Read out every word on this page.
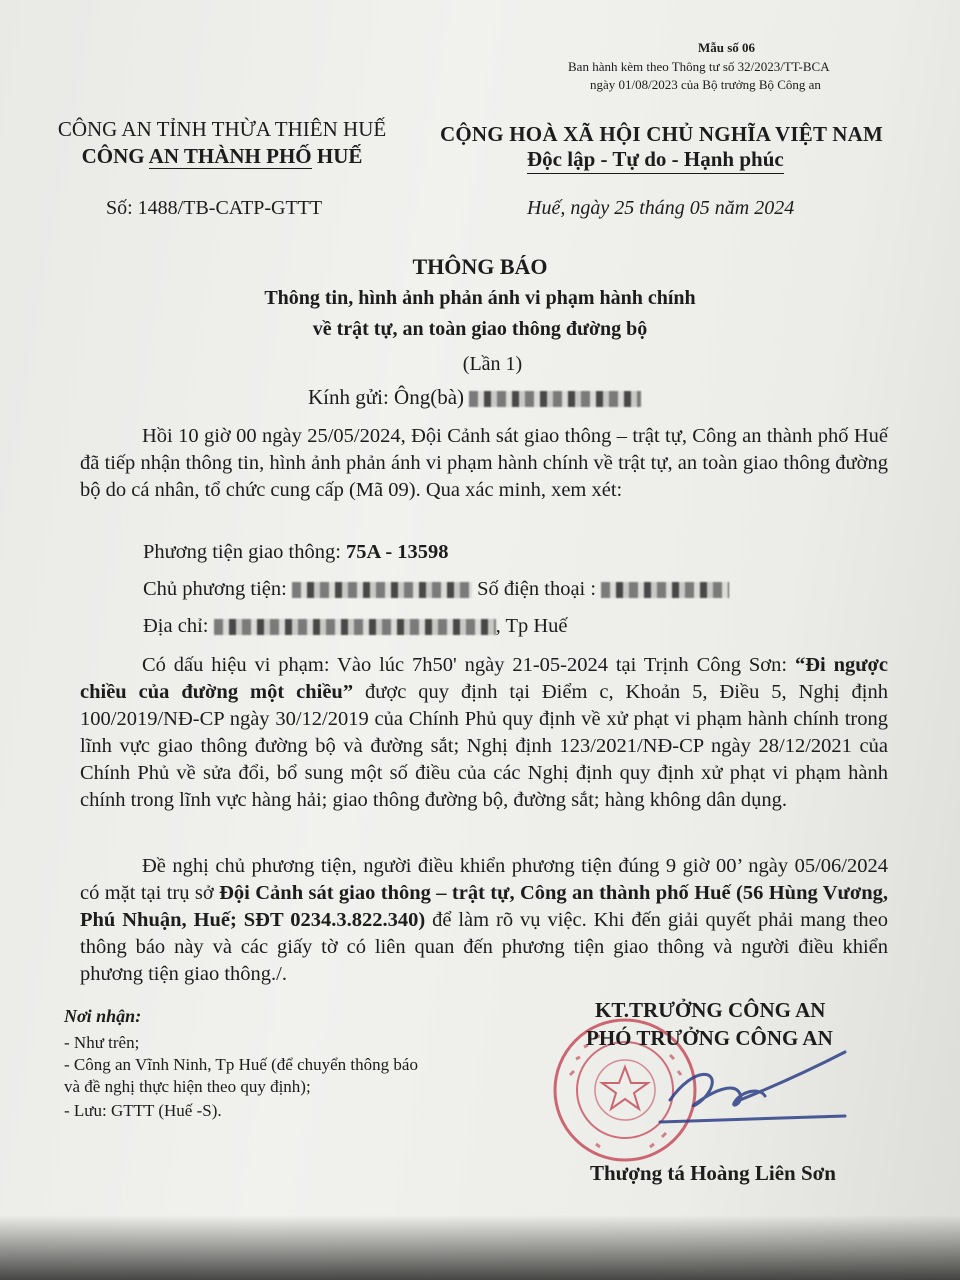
Mẫu số 06
Ban hành kèm theo Thông tư số 32/2023/TT-BCA
ngày 01/08/2023 của Bộ trưởng Bộ Công an
CÔNG AN TỈNH THỪA THIÊN HUẾ
CÔNG AN THÀNH PHỐ HUẾ
CỘNG HOÀ XÃ HỘI CHỦ NGHĨA VIỆT NAM
Độc lập - Tự do - Hạnh phúc
Số: 1488/TB-CATP-GTTT	Huế, ngày 25 tháng 05 năm 2024
THÔNG BÁO
Thông tin, hình ảnh phản ánh vi phạm hành chính
về trật tự, an toàn giao thông đường bộ
(Lần 1)
Kính gửi: Ông(bà)

Hồi 10 giờ 00 ngày 25/05/2024, Đội Cảnh sát giao thông – trật tự, Công an thành phố Huế đã tiếp nhận thông tin, hình ảnh phản ánh vi phạm hành chính về trật tự, an toàn giao thông đường bộ do cá nhân, tổ chức cung cấp (Mã 09). Qua xác minh, xem xét:

Phương tiện giao thông: 75A - 13598
Chủ phương tiện:	Số điện thoại :
Địa chỉ:	, Tp Huế

Có dấu hiệu vi phạm: Vào lúc 7h50' ngày 21-05-2024 tại Trịnh Công Sơn: “Đi ngược chiều của đường một chiều” được quy định tại Điểm c, Khoản 5, Điều 5, Nghị định 100/2019/NĐ-CP ngày 30/12/2019 của Chính Phủ quy định về xử phạt vi phạm hành chính trong lĩnh vực giao thông đường bộ và đường sắt; Nghị định 123/2021/NĐ-CP ngày 28/12/2021 của Chính Phủ về sửa đổi, bổ sung một số điều của các Nghị định quy định xử phạt vi phạm hành chính trong lĩnh vực hàng hải; giao thông đường bộ, đường sắt; hàng không dân dụng.

Đề nghị chủ phương tiện, người điều khiển phương tiện đúng 9 giờ 00’ ngày 05/06/2024 có mặt tại trụ sở Đội Cảnh sát giao thông – trật tự, Công an thành phố Huế (56 Hùng Vương, Phú Nhuận, Huế; SĐT 0234.3.822.340) để làm rõ vụ việc. Khi đến giải quyết phải mang theo thông báo này và các giấy tờ có liên quan đến phương tiện giao thông và người điều khiển phương tiện giao thông./.

Nơi nhận:
- Như trên;
- Công an Vĩnh Ninh, Tp Huế (để chuyển thông báo
và đề nghị thực hiện theo quy định);
- Lưu: GTTT (Huế -S).
KT.TRƯỞNG CÔNG AN
PHÓ TRƯỞNG CÔNG AN
Thượng tá Hoàng Liên Sơn
